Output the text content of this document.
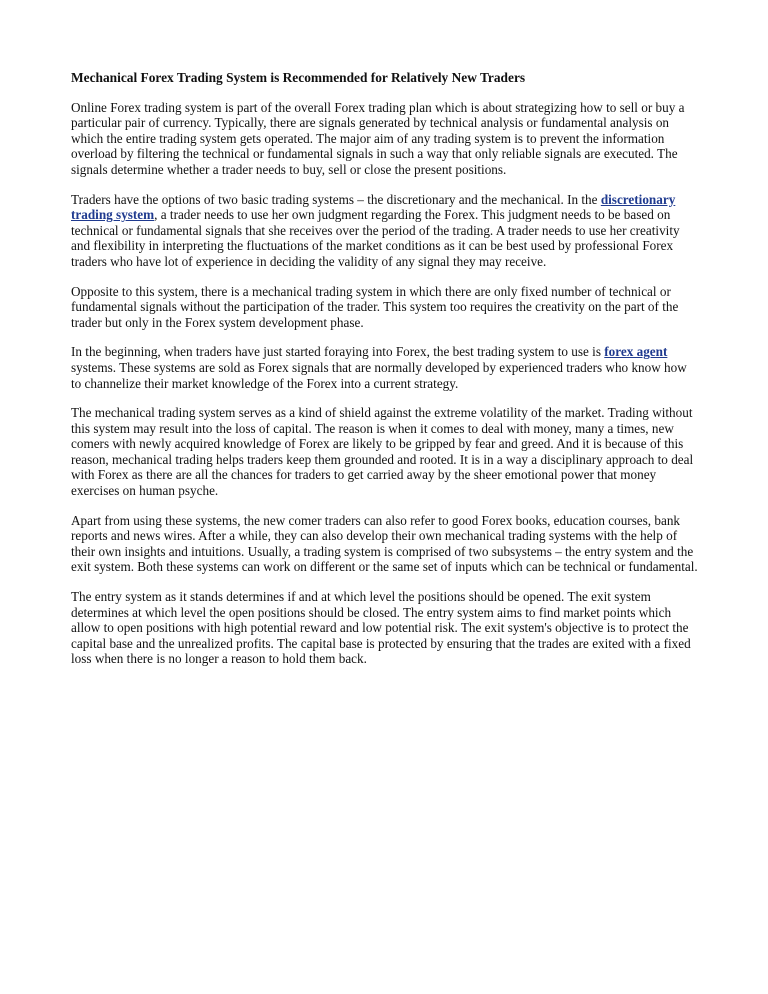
Mechanical Forex Trading System is Recommended for Relatively New Traders

Online Forex trading system is part of the overall Forex trading plan which is about strategizing how to sell or buy a particular pair of currency. Typically, there are signals generated by technical analysis or fundamental analysis on which the entire trading system gets operated. The major aim of any trading system is to prevent the information overload by filtering the technical or fundamental signals in such a way that only reliable signals are executed. The signals determine whether a trader needs to buy, sell or close the present positions.

Traders have the options of two basic trading systems – the discretionary and the mechanical. In the discretionary trading system, a trader needs to use her own judgment regarding the Forex. This judgment needs to be based on technical or fundamental signals that she receives over the period of the trading. A trader needs to use her creativity and flexibility in interpreting the fluctuations of the market conditions as it can be best used by professional Forex traders who have lot of experience in deciding the validity of any signal they may receive.

Opposite to this system, there is a mechanical trading system in which there are only fixed number of technical or fundamental signals without the participation of the trader. This system too requires the creativity on the part of the trader but only in the Forex system development phase.

In the beginning, when traders have just started foraying into Forex, the best trading system to use is forex agent systems. These systems are sold as Forex signals that are normally developed by experienced traders who know how to channelize their market knowledge of the Forex into a current strategy.

The mechanical trading system serves as a kind of shield against the extreme volatility of the market. Trading without this system may result into the loss of capital. The reason is when it comes to deal with money, many a times, new comers with newly acquired knowledge of Forex are likely to be gripped by fear and greed. And it is because of this reason, mechanical trading helps traders keep them grounded and rooted. It is in a way a disciplinary approach to deal with Forex as there are all the chances for traders to get carried away by the sheer emotional power that money exercises on human psyche.

Apart from using these systems, the new comer traders can also refer to good Forex books, education courses, bank reports and news wires. After a while, they can also develop their own mechanical trading systems with the help of their own insights and intuitions. Usually, a trading system is comprised of two subsystems – the entry system and the exit system. Both these systems can work on different or the same set of inputs which can be technical or fundamental.

The entry system as it stands determines if and at which level the positions should be opened. The exit system determines at which level the open positions should be closed. The entry system aims to find market points which allow to open positions with high potential reward and low potential risk. The exit system's objective is to protect the capital base and the unrealized profits. The capital base is protected by ensuring that the trades are exited with a fixed loss when there is no longer a reason to hold them back.
